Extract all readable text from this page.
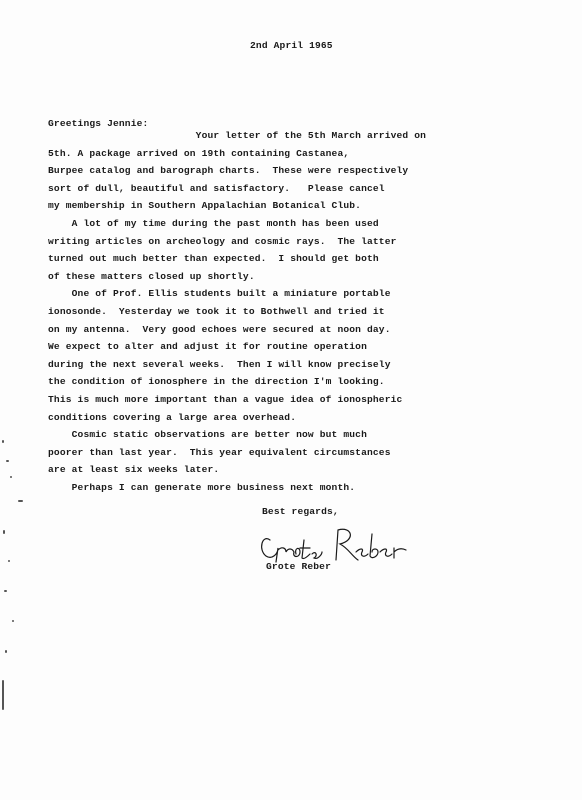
2nd April 1965
Greetings Jennie:
Your letter of the 5th March arrived on
5th. A package arrived on 19th containing Castanea,
Burpee catalog and barograph charts.  These were respectively
sort of dull, beautiful and satisfactory.   Please cancel
my membership in Southern Appalachian Botanical Club.
A lot of my time during the past month has been used
writing articles on archeology and cosmic rays.  The latter
turned out much better than expected.  I should get both
of these matters closed up shortly.
One of Prof. Ellis students built a miniature portable
ionosonde.  Yesterday we took it to Bothwell and tried it
on my antenna.  Very good echoes were secured at noon day.
We expect to alter and adjust it for routine operation
during the next several weeks.  Then I will know precisely
the condition of ionosphere in the direction I'm looking.
This is much more important than a vague idea of ionospheric
conditions covering a large area overhead.
Cosmic static observations are better now but much
poorer than last year.  This year equivalent circumstances
are at least six weeks later.
Perhaps I can generate more business next month.
Best regards,
Grote Reber
